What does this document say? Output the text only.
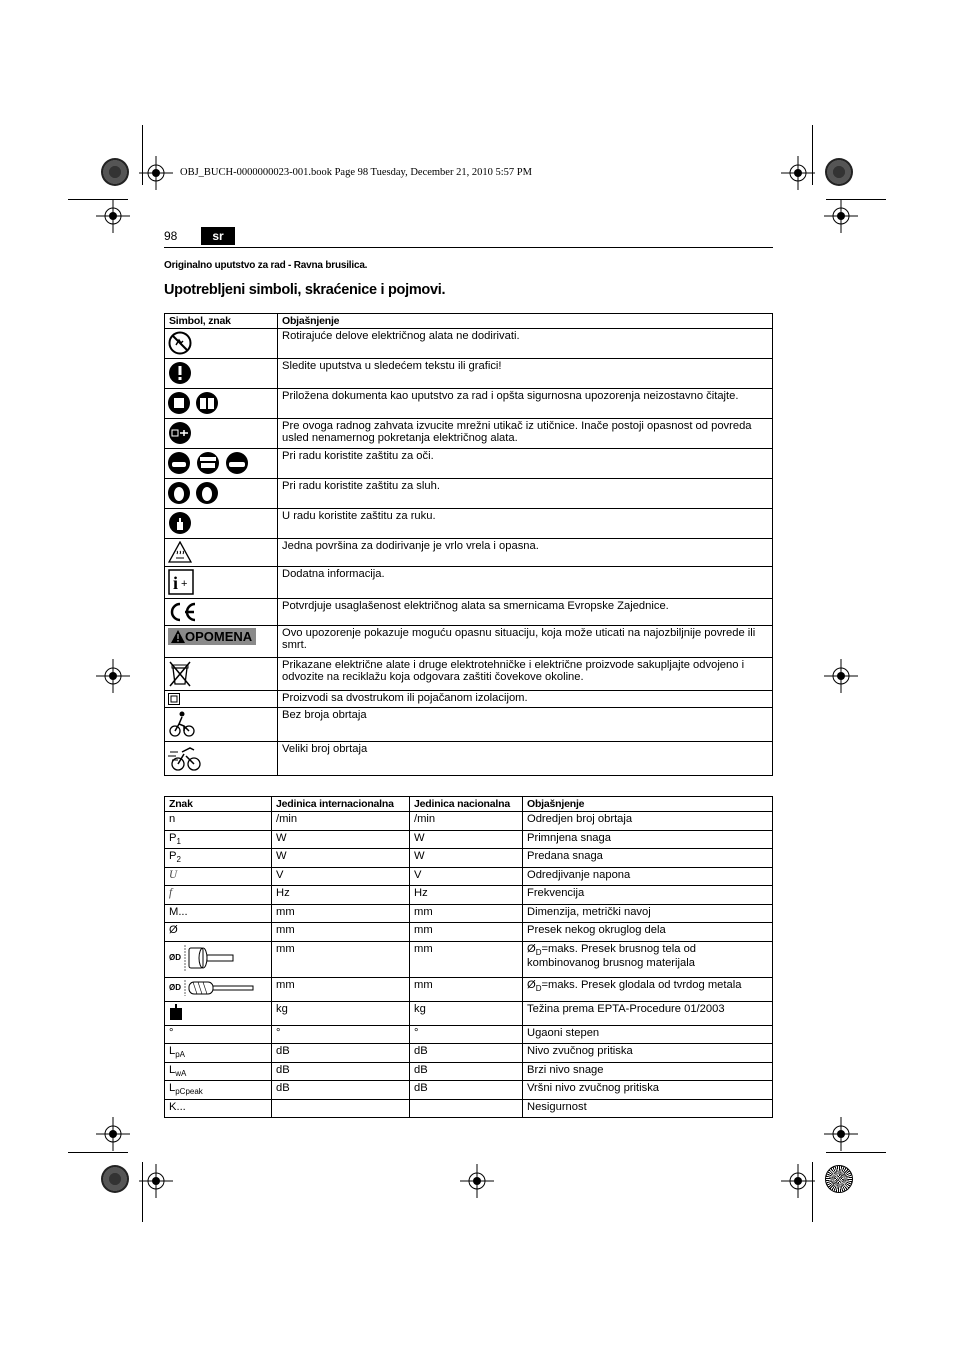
OBJ_BUCH-0000000023-001.book Page 98 Tuesday, December 21, 2010 5:57 PM
98	sr
Originalno uputstvo za rad - Ravna brusilica.
Upotrebljeni simboli, skraćenice i pojmovi.
Simbol, znak	Objašnjenje
	Rotirajuće delove električnog alata ne dodirivati.
	Sledite uputstva u sledećem tekstu ili grafici!
	Priložena dokumenta kao uputstvo za rad i opšta sigurnosna upozorenja neizostavno čitajte.
	Pre ovoga radnog zahvata izvucite mrežni utikač iz utičnice. Inače postoji opasnost od povreda usled nenamernog pokretanja električnog alata.
	Pri radu koristite zaštitu za oči.
	Pri radu koristite zaštitu za sluh.
	U radu koristite zaštitu za ruku.
	Jedna površina za dodirivanje je vrlo vrela i opasna.

i +	Dodatna informacija.
	Potvrdjuje usaglašenost električnog alata sa smernicama Evropske Zajednice.

OPOMENA	Ovo upozorenje pokazuje moguću opasnu situaciju, koja može uticati na najozbiljnije povrede ili smrt.
	Prikazane električne alate i druge elektrotehničke i električne proizvode sakupljajte odvojeno i odvozite na reciklažu koja odgovara zaštiti čovekove okoline.
	Proizvodi sa dvostrukom ili pojačanom izolacijom.
	Bez broja obrtaja
	Veliki broj obrtaja
Znak	Jedinica internacionalna	Jedinica nacionalna	Objašnjenje
n	/min	/min	Odredjen broj obrtaja
$P_1$	W	W	Primnjena snaga
$P_2$	W	W	Predana snaga
U	V	V	Odredjivanje napona
f	Hz	Hz	Frekvencija
M...	mm	mm	Dimenzija, metrički navoj
Ø	mm	mm	Presek nekog okruglog dela

ØD	mm	mm	$Ø_D=maks$. Presek brusnog tela od kombinovanog brusnog materijala

ØD	mm	mm	$Ø_D=maks$. Presek glodala od tvrdog metala
	kg	kg	Težina prema EPTA-Procedure 01/2003
°	°	°	Ugaoni stepen
$L_{pA}$	dB	dB	Nivo zvučnog pritiska
$L_{wA}$	dB	dB	Brzi nivo snage
$L_{pCpeak}$	dB	dB	Vršni nivo zvučnog pritiska
K...			Nesigurnost
